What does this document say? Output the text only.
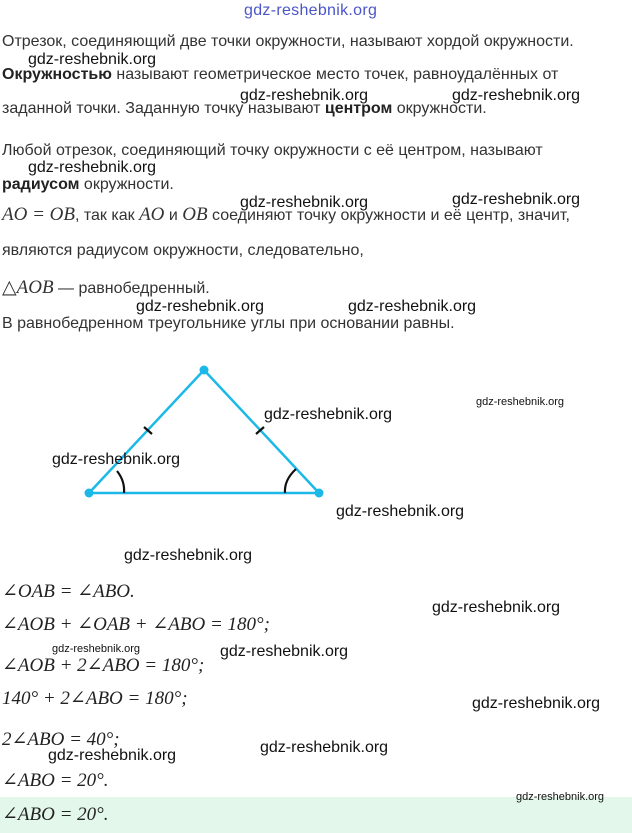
gdz-reshebnik.org
Отрезок, соединяющий две точки окружности, называют хордой окружности.
Окружностью называют геометрическое место точек, равноудалённых от
заданной точки. Заданную точку называют центром окружности.
Любой отрезок, соединяющий точку окружности с её центром, называют
радиусом окружности.
AO = OB, так как AO и OB соединяют точку окружности и её центр, значит,
являются радиусом окружности, следовательно,
△AOB — равнобедренный.
В равнобедренном треугольнике углы при основании равны.
∠OAB = ∠ABO.
∠AOB + ∠OAB + ∠ABO = 180°;
∠AOB + 2∠ABO = 180°;
140° + 2∠ABO = 180°;
2∠ABO = 40°;
∠ABO = 20°.
∠ABO = 20°.
gdz-reshebnik.org
gdz-reshebnik.org	gdz-reshebnik.org
gdz-reshebnik.org
gdz-reshebnik.org	gdz-reshebnik.org
gdz-reshebnik.org	gdz-reshebnik.org
gdz-reshebnik.org
gdz-reshebnik.org
gdz-reshebnik.org
gdz-reshebnik.org
gdz-reshebnik.org
gdz-reshebnik.org
gdz-reshebnik.org	gdz-reshebnik.org
gdz-reshebnik.org
gdz-reshebnik.org
gdz-reshebnik.org
gdz-reshebnik.org
